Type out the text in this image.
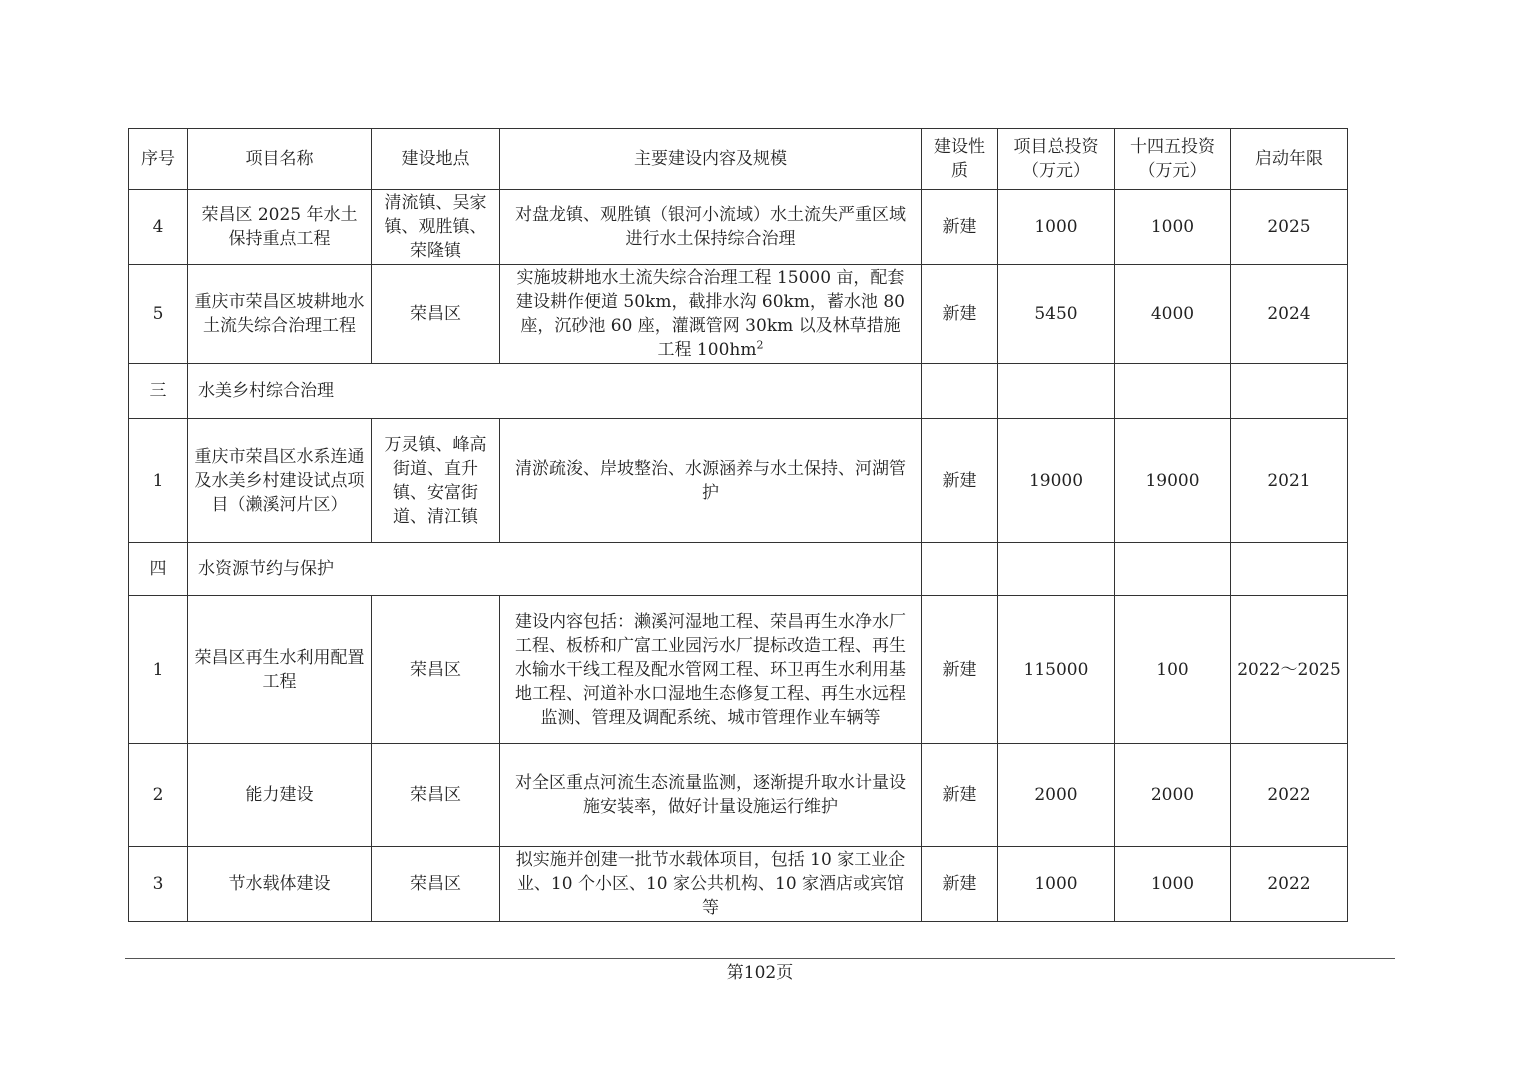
序号	项目名称	建设地点	主要建设内容及规模	建设性质	项目总投资（万元）	十四五投资（万元）	启动年限
4	荣昌区 2025 年水土保持重点工程	清流镇、吴家镇、观胜镇、荣隆镇	对盘龙镇、观胜镇（银河小流域）水土流失严重区域进行水土保持综合治理	新建	1000	1000	2025
5	重庆市荣昌区坡耕地水土流失综合治理工程	荣昌区	实施坡耕地水土流失综合治理工程 15000 亩，配套建设耕作便道 50km，截排水沟 60km，蓄水池 80 座，沉砂池 60 座，灌溉管网 30km 以及林草措施工程 $100hm^2$	新建	5450	4000	2024
三	水美乡村综合治理						
1	重庆市荣昌区水系连通及水美乡村建设试点项目（濑溪河片区）	万灵镇、峰高街道、直升镇、安富街道、清江镇	清淤疏浚、岸坡整治、水源涵养与水土保持、河湖管护	新建	19000	19000	2021
四	水资源节约与保护						
1	荣昌区再生水利用配置工程	荣昌区	建设内容包括：濑溪河湿地工程、荣昌再生水净水厂工程、板桥和广富工业园污水厂提标改造工程、再生水输水干线工程及配水管网工程、环卫再生水利用基地工程、河道补水口湿地生态修复工程、再生水远程监测、管理及调配系统、城市管理作业车辆等	新建	115000	100	2022～2025
2	能力建设	荣昌区	对全区重点河流生态流量监测，逐渐提升取水计量设施安装率，做好计量设施运行维护	新建	2000	2000	2022
3	节水载体建设	荣昌区	拟实施并创建一批节水载体项目，包括 10 家工业企业、10 个小区、10 家公共机构、10 家酒店或宾馆等	新建	1000	1000	2022
第102页
